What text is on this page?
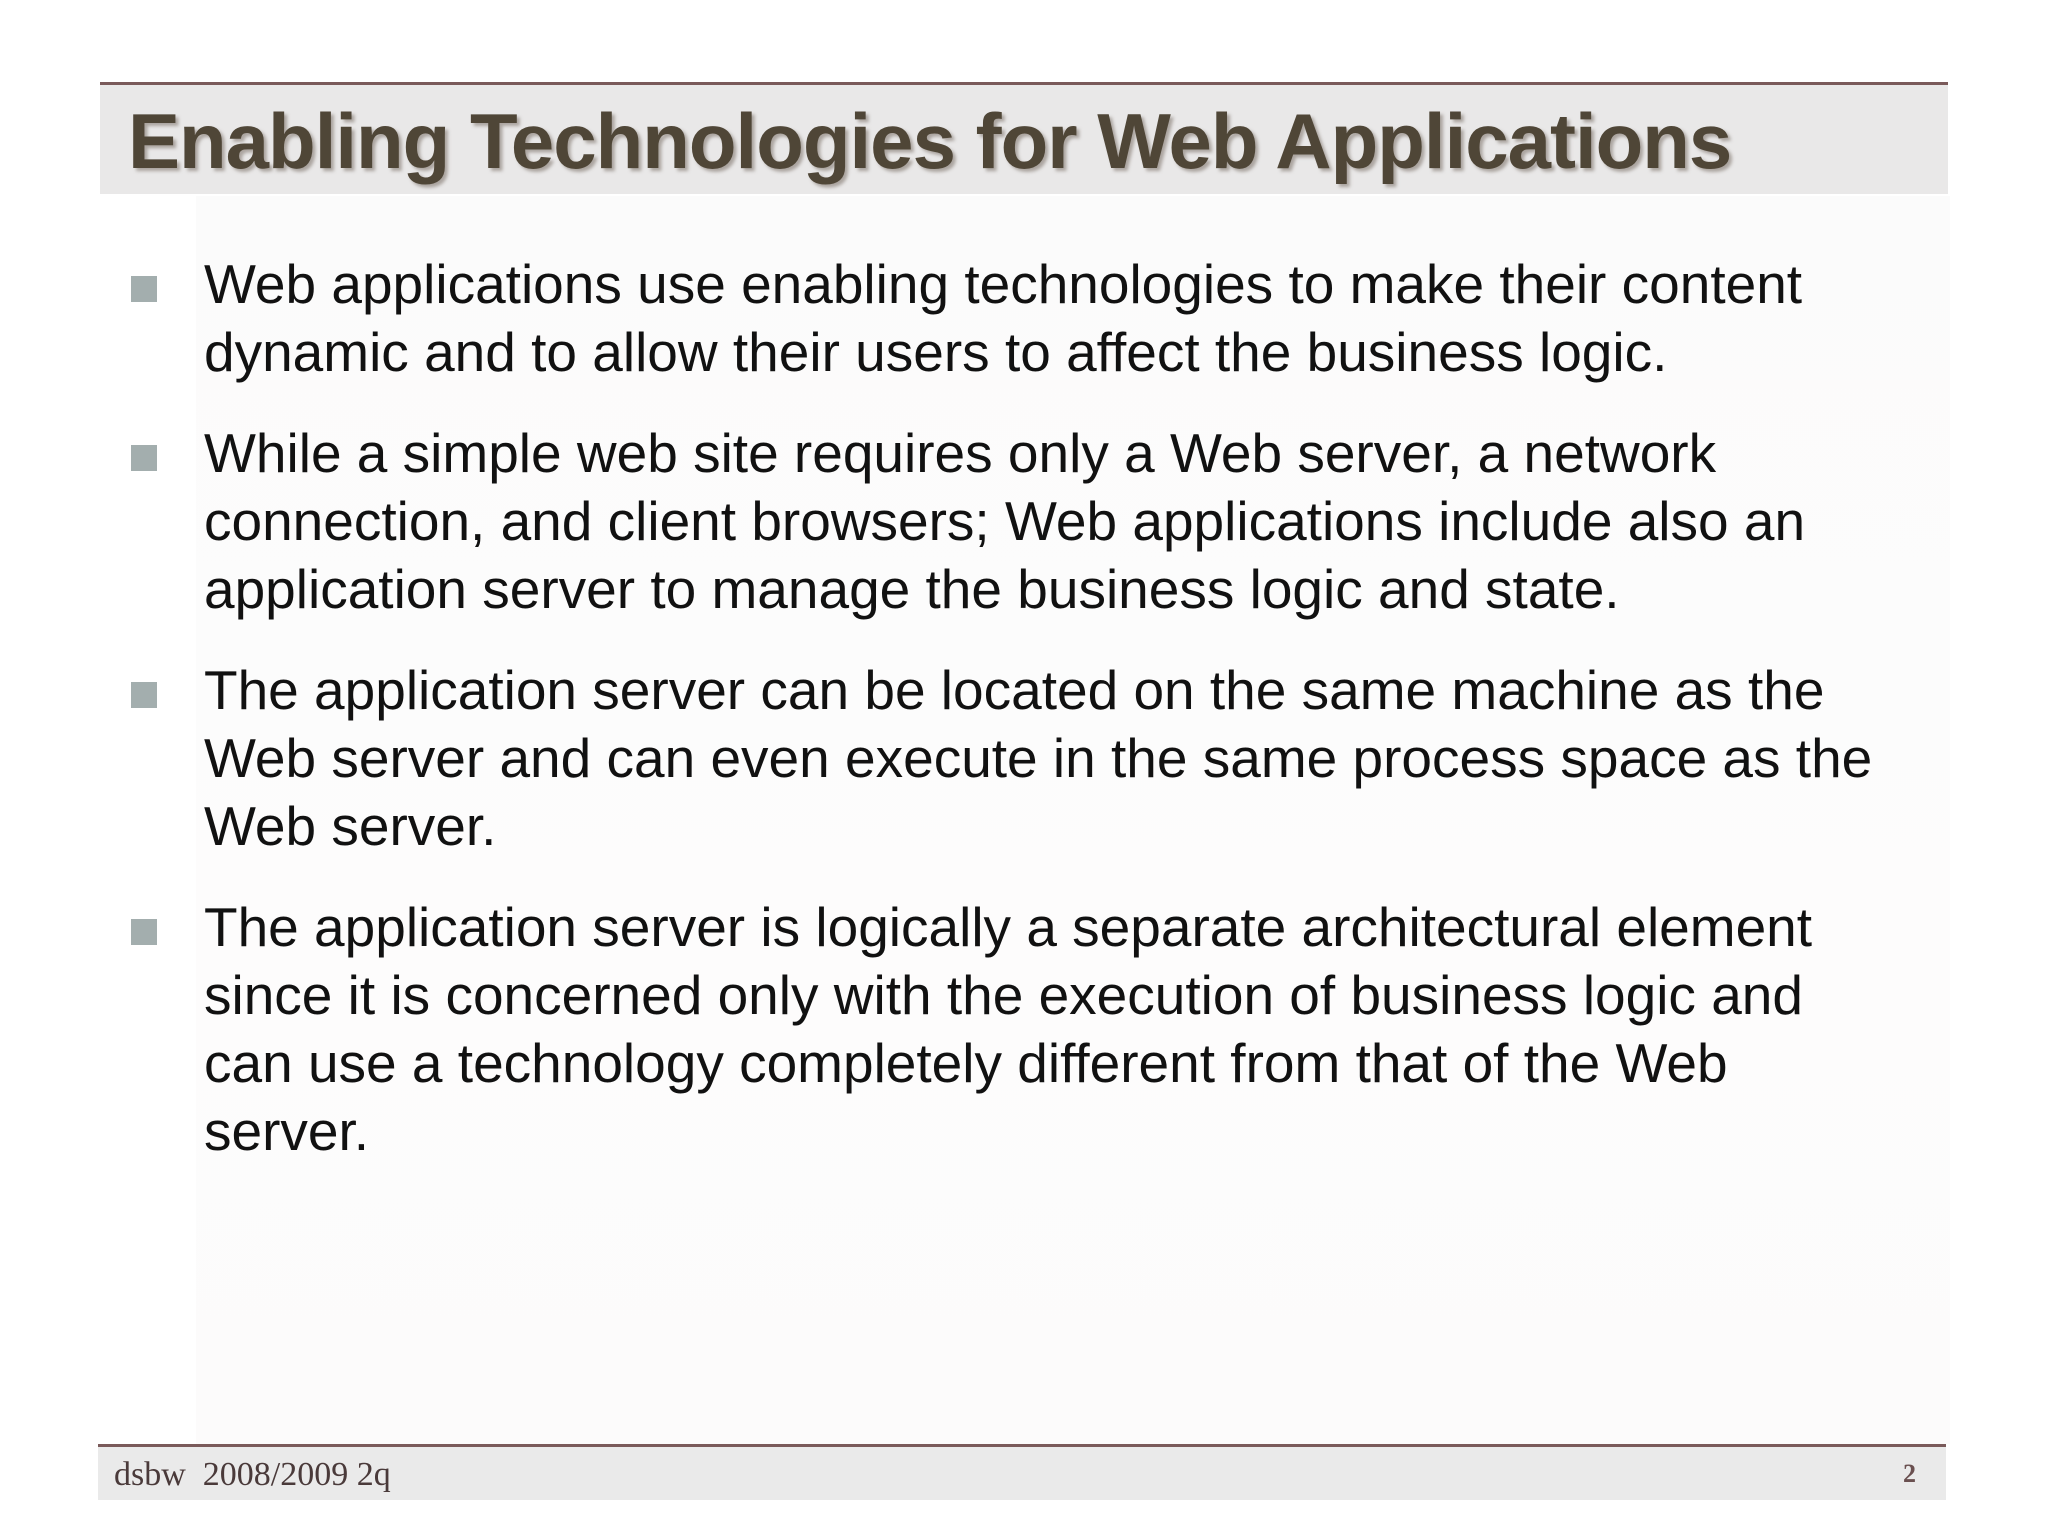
Enabling Technologies for Web Applications
Web applications use enabling technologies to make their content dynamic and to allow their users to affect the business logic.
While a simple web site requires only a Web server, a network connection, and client browsers; Web applications include also an application server to manage the business logic and state.
The application server can be located on the same machine as the Web server and can even execute in the same process space as the Web server.
The application server is logically a separate architectural element since it is concerned only with the execution of business logic and can use a technology completely different from that of the Web server.
dsbw  2008/2009 2q	2
